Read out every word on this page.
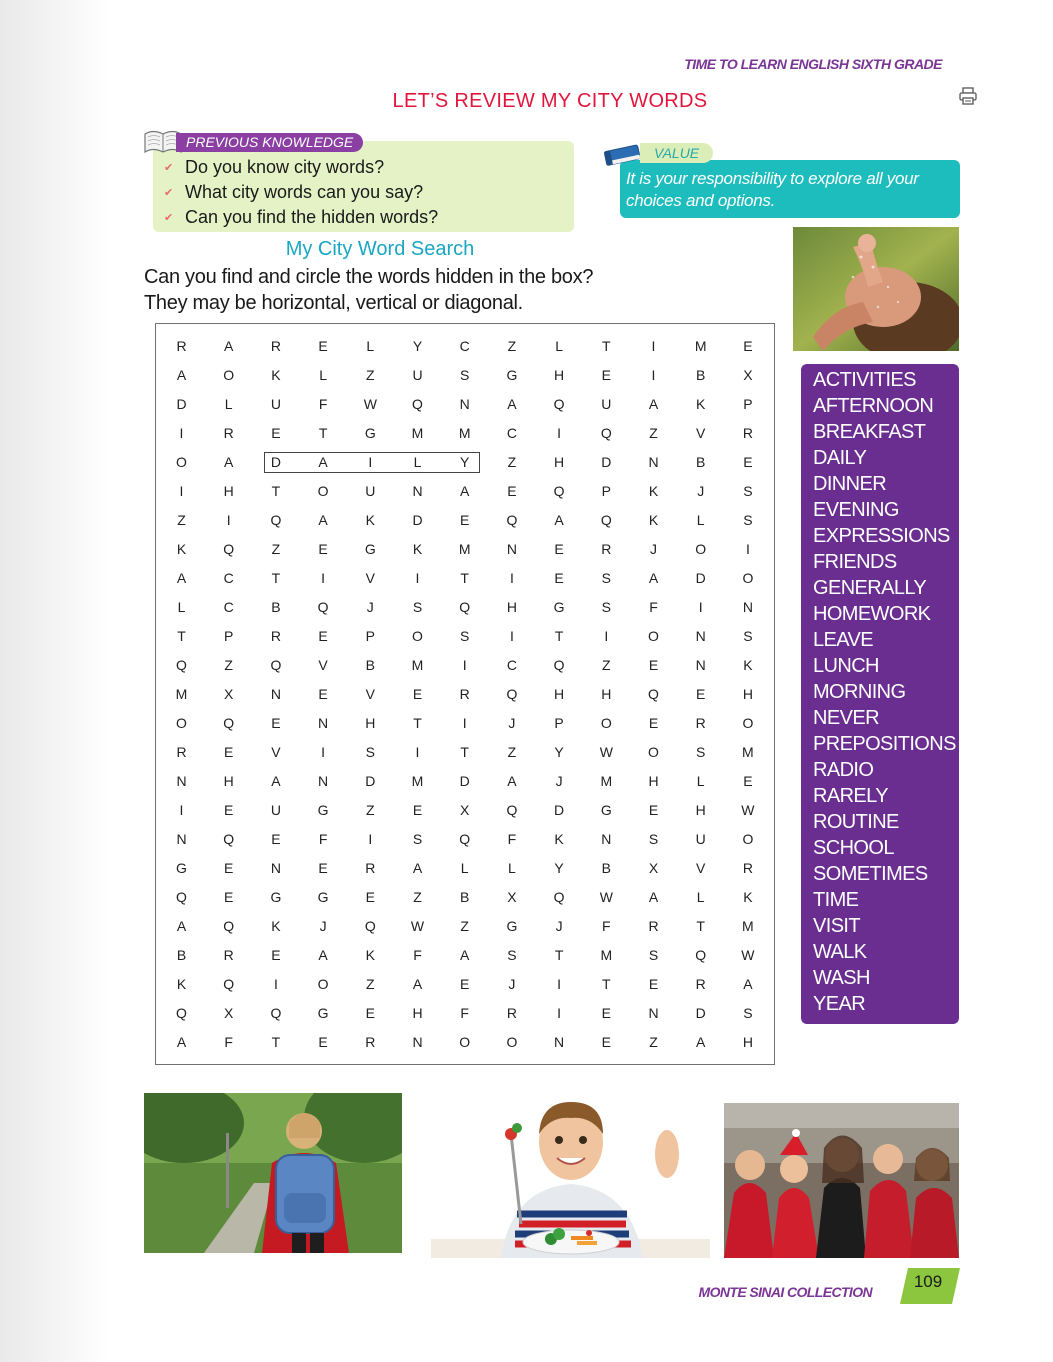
TIME TO LEARN ENGLISH SIXTH GRADE
LET’S REVIEW MY CITY WORDS
PREVIOUS KNOWLEDGE
✔ Do you know city words?
✔ What city words can you say?
✔ Can you find the hidden words?
VALUE
It is your responsibility to explore all your choices and options.
My City Word Search
Can you find and circle the words hidden in the box?
They may be horizontal, vertical or diagonal.
R	A	R	E	L	Y	C	Z	L	T	I	M	E
A	O	K	L	Z	U	S	G	H	E	I	B	X
D	L	U	F	W	Q	N	A	Q	U	A	K	P
I	R	E	T	G	M	M	C	I	Q	Z	V	R
O	A	D	A	I	L	Y	Z	H	D	N	B	E
I	H	T	O	U	N	A	E	Q	P	K	J	S
Z	I	Q	A	K	D	E	Q	A	Q	K	L	S
K	Q	Z	E	G	K	M	N	E	R	J	O	I
A	C	T	I	V	I	T	I	E	S	A	D	O
L	C	B	Q	J	S	Q	H	G	S	F	I	N
T	P	R	E	P	O	S	I	T	I	O	N	S
Q	Z	Q	V	B	M	I	C	Q	Z	E	N	K
M	X	N	E	V	E	R	Q	H	H	Q	E	H
O	Q	E	N	H	T	I	J	P	O	E	R	O
R	E	V	I	S	I	T	Z	Y	W	O	S	M
N	H	A	N	D	M	D	A	J	M	H	L	E
I	E	U	G	Z	E	X	Q	D	G	E	H	W
N	Q	E	F	I	S	Q	F	K	N	S	U	O
G	E	N	E	R	A	L	L	Y	B	X	V	R
Q	E	G	G	E	Z	B	X	Q	W	A	L	K
A	Q	K	J	Q	W	Z	G	J	F	R	T	M
B	R	E	A	K	F	A	S	T	M	S	Q	W
K	Q	I	O	Z	A	E	J	I	T	E	R	A
Q	X	Q	G	E	H	F	R	I	E	N	D	S
A	F	T	E	R	N	O	O	N	E	Z	A	H
ACTIVITIES
AFTERNOON
BREAKFAST
DAILY
DINNER
EVENING
EXPRESSIONS
FRIENDS
GENERALLY
HOMEWORK
LEAVE
LUNCH
MORNING
NEVER
PREPOSITIONS
RADIO
RARELY
ROUTINE
SCHOOL
SOMETIMES
TIME
VISIT
WALK
WASH
YEAR
MONTE SINAI COLLECTION
109
